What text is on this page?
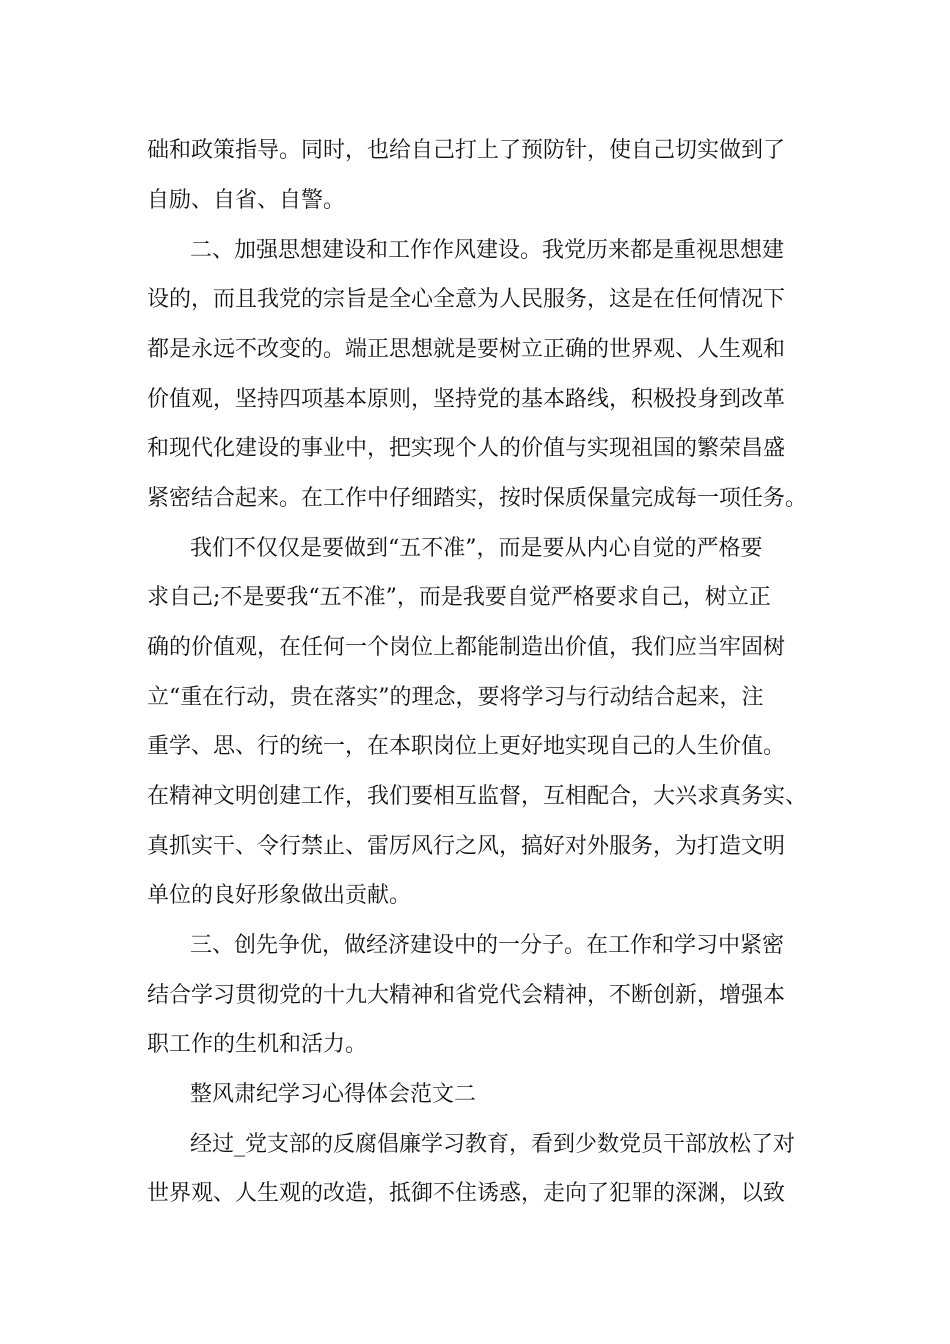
础和政策指导。同时，也给自己打上了预防针，使自己切实做到了
自励、自省、自警。
二、加强思想建设和工作作风建设。我党历来都是重视思想建
设的，而且我党的宗旨是全心全意为人民服务，这是在任何情况下
都是永远不改变的。端正思想就是要树立正确的世界观、人生观和
价值观，坚持四项基本原则，坚持党的基本路线，积极投身到改革
和现代化建设的事业中，把实现个人的价值与实现祖国的繁荣昌盛
紧密结合起来。在工作中仔细踏实，按时保质保量完成每一项任务。
我们不仅仅是要做到“五不准”，而是要从内心自觉的严格要
求自己;不是要我“五不准”，而是我要自觉严格要求自己，树立正
确的价值观，在任何一个岗位上都能制造出价值，我们应当牢固树
立“重在行动，贵在落实”的理念，要将学习与行动结合起来，注
重学、思、行的统一，在本职岗位上更好地实现自己的人生价值。
在精神文明创建工作，我们要相互监督，互相配合，大兴求真务实、
真抓实干、令行禁止、雷厉风行之风，搞好对外服务，为打造文明
单位的良好形象做出贡献。
三、创先争优，做经济建设中的一分子。在工作和学习中紧密
结合学习贯彻党的十九大精神和省党代会精神，不断创新，增强本
职工作的生机和活力。
整风肃纪学习心得体会范文二
经过_党支部的反腐倡廉学习教育，看到少数党员干部放松了对
世界观、人生观的改造，抵御不住诱惑，走向了犯罪的深渊，以致
